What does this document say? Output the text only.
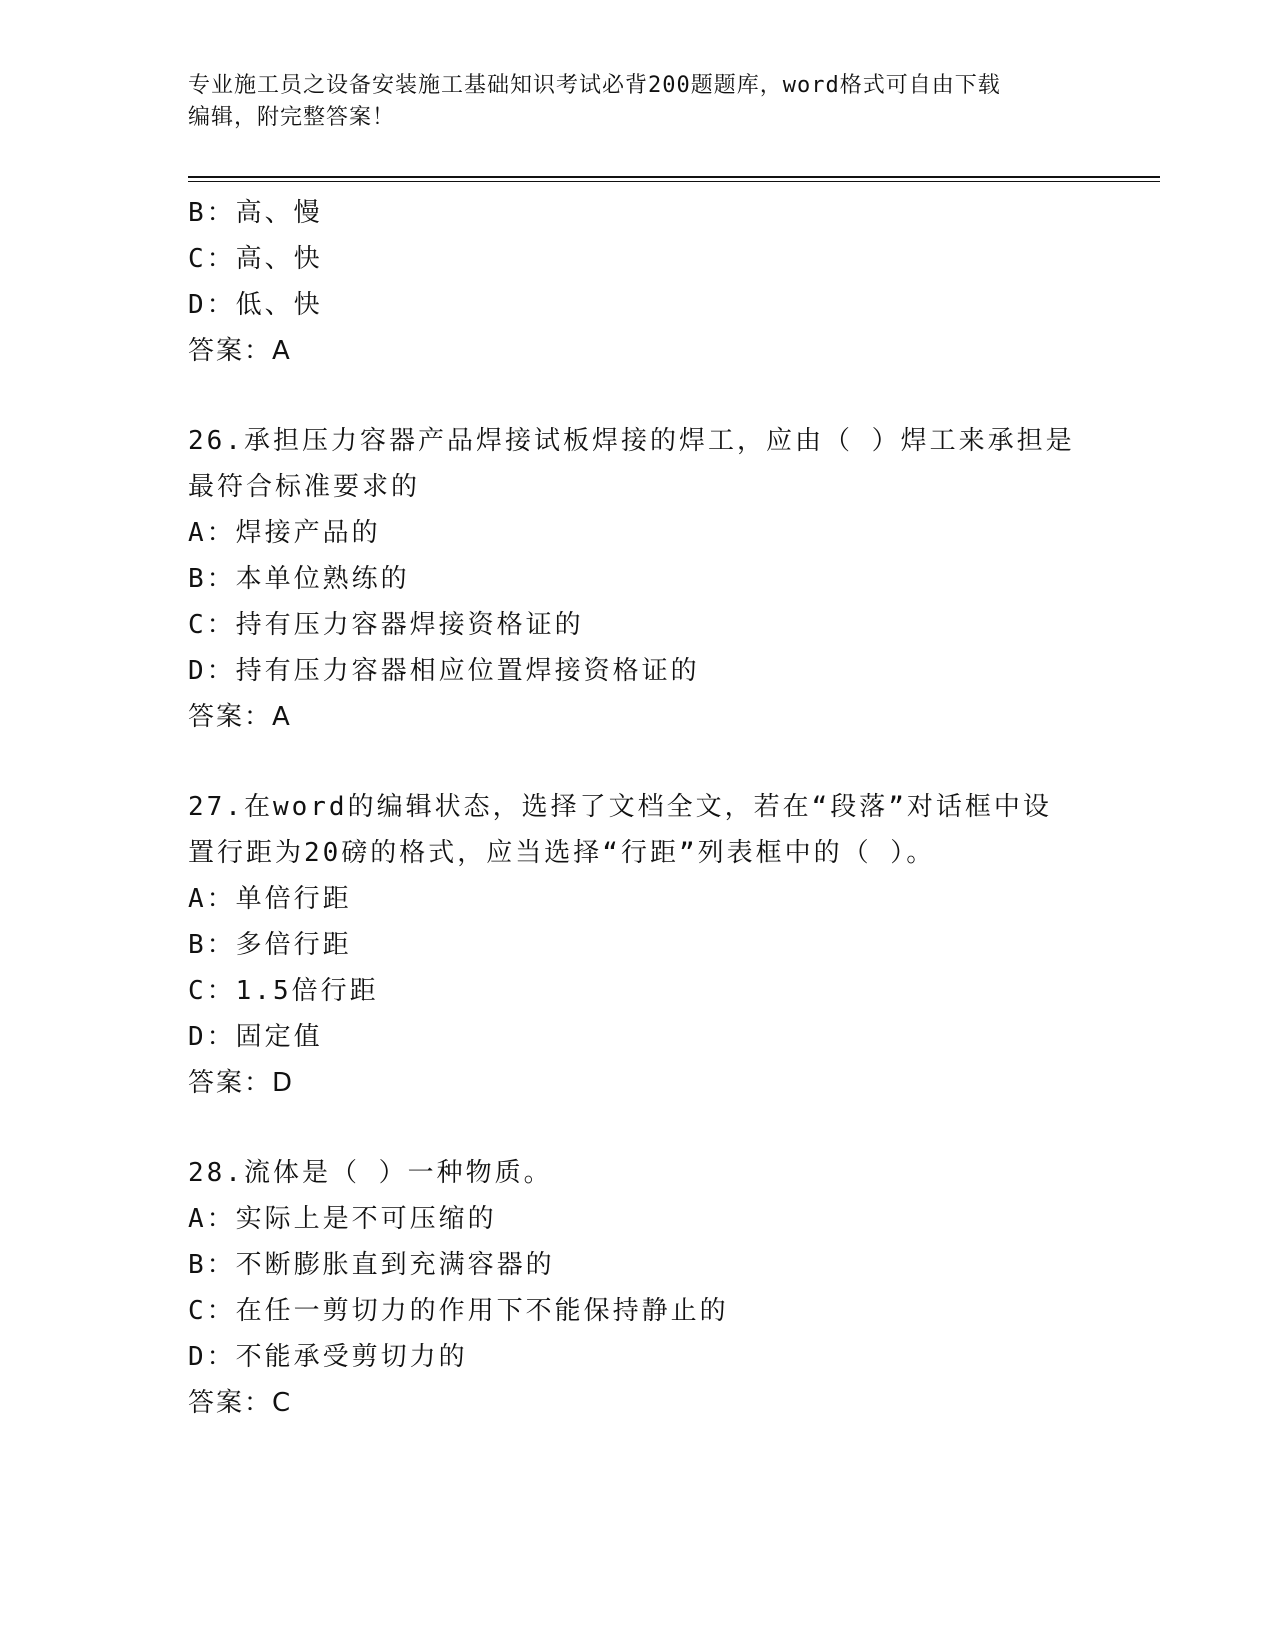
专业施工员之设备安装施工基础知识考试必背200题题库，word格式可自由下载
编辑，附完整答案！
B：高、慢
C：高、快
D：低、快
答案：A
26.承担压力容器产品焊接试板焊接的焊工，应由（ ）焊工来承担是
最符合标准要求的
A：焊接产品的
B：本单位熟练的
C：持有压力容器焊接资格证的
D：持有压力容器相应位置焊接资格证的
答案：A
27.在word的编辑状态，选择了文档全文，若在“段落”对话框中设
置行距为20磅的格式，应当选择“行距”列表框中的（ ）。
A：单倍行距
B：多倍行距
C：1.5倍行距
D：固定值
答案：D
28.流体是（ ）一种物质。
A：实际上是不可压缩的
B：不断膨胀直到充满容器的
C：在任一剪切力的作用下不能保持静止的
D：不能承受剪切力的
答案：C
